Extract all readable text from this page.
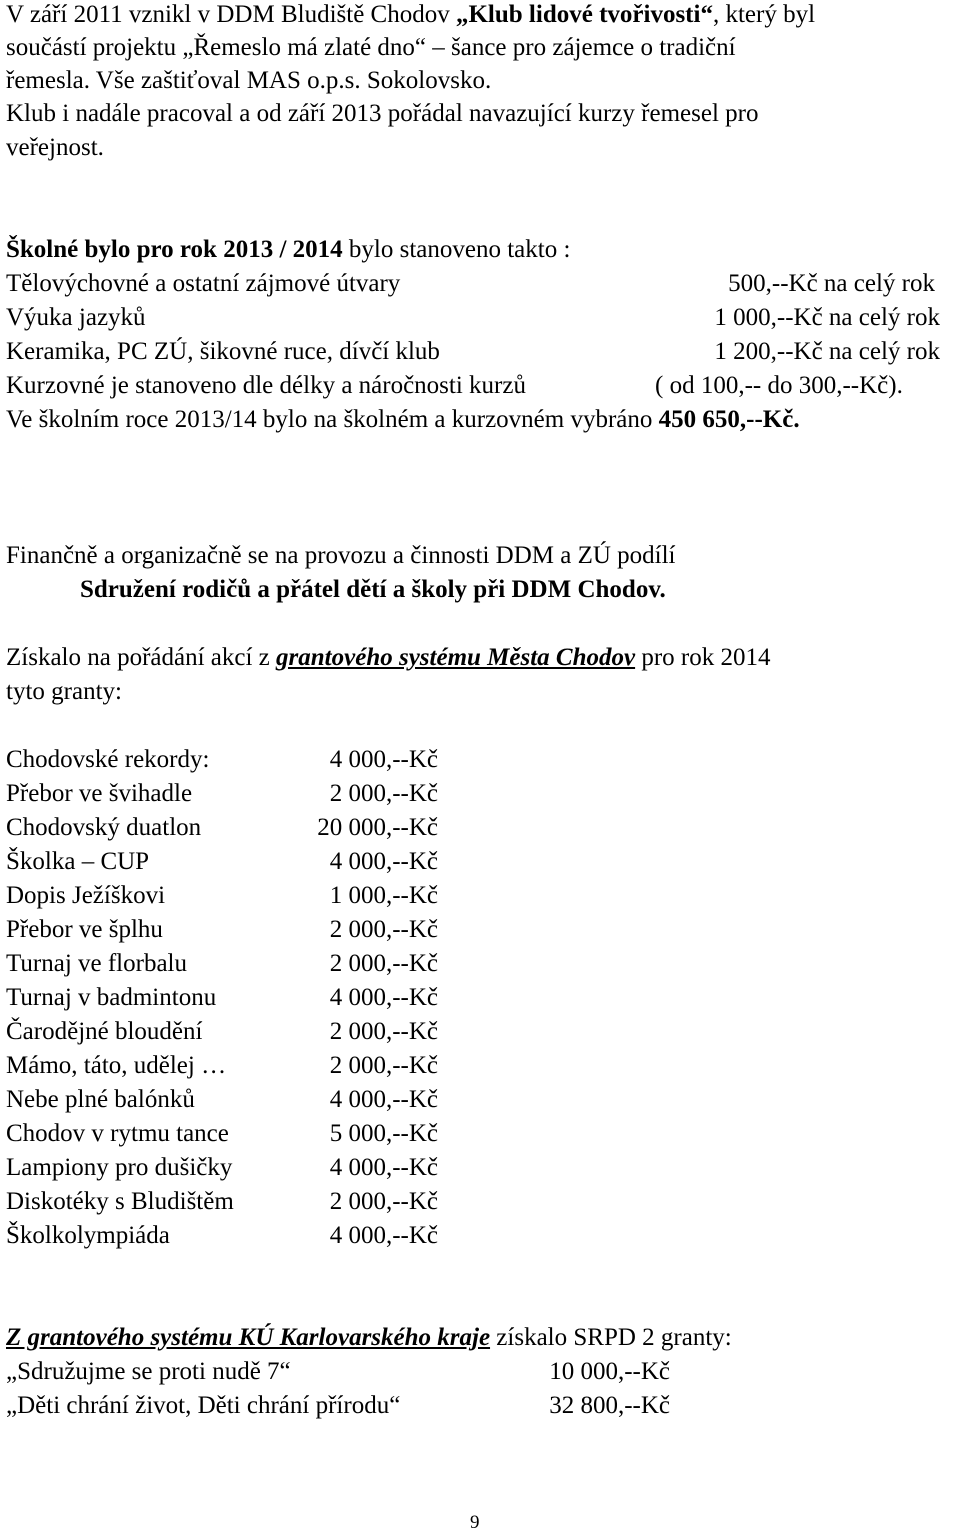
V září 2011 vznikl v DDM Bludiště Chodov „Klub lidové tvořivosti“, který byl
součástí projektu „Řemeslo má zlaté dno“ – šance pro zájemce o tradiční
řemesla. Vše zaštiťoval MAS o.p.s. Sokolovsko.
Klub i nadále pracoval a od září 2013 pořádal navazující kurzy řemesel pro
veřejnost.
Školné bylo pro rok 2013 / 2014 bylo stanoveno takto :
Tělovýchovné a ostatní zájmové útvary	500,--Kč na celý rok
Výuka jazyků	1 000,--Kč na celý rok
Keramika, PC ZÚ, šikovné ruce, dívčí klub	1 200,--Kč na celý rok
Kurzovné je stanoveno dle délky a náročnosti kurzů	( od 100,-- do 300,--Kč).
Ve školním roce 2013/14 bylo na školném a kurzovném vybráno 450 650,--Kč.
Finančně a organizačně se na provozu a činnosti DDM a ZÚ podílí
Sdružení rodičů a přátel dětí a školy při DDM Chodov.
Získalo na pořádání akcí z grantového systému Města Chodov pro rok 2014
tyto granty:
Chodovské rekordy:	4 000,--Kč
Přebor ve švihadle	2 000,--Kč
Chodovský duatlon	20 000,--Kč
Školka – CUP	4 000,--Kč
Dopis Ježíškovi	1 000,--Kč
Přebor ve šplhu	2 000,--Kč
Turnaj ve florbalu	2 000,--Kč
Turnaj v badmintonu	4 000,--Kč
Čarodějné bloudění	2 000,--Kč
Mámo, táto, udělej …	2 000,--Kč
Nebe plné balónků	4 000,--Kč
Chodov v rytmu tance	5 000,--Kč
Lampiony pro dušičky	4 000,--Kč
Diskotéky s Bludištěm	2 000,--Kč
Školkolympiáda	4 000,--Kč
Z grantového systému KÚ Karlovarského kraje získalo SRPD 2 granty:
„Sdružujme se proti nudě 7“	10 000,--Kč
„Děti chrání život, Děti chrání přírodu“	32 800,--Kč
9
